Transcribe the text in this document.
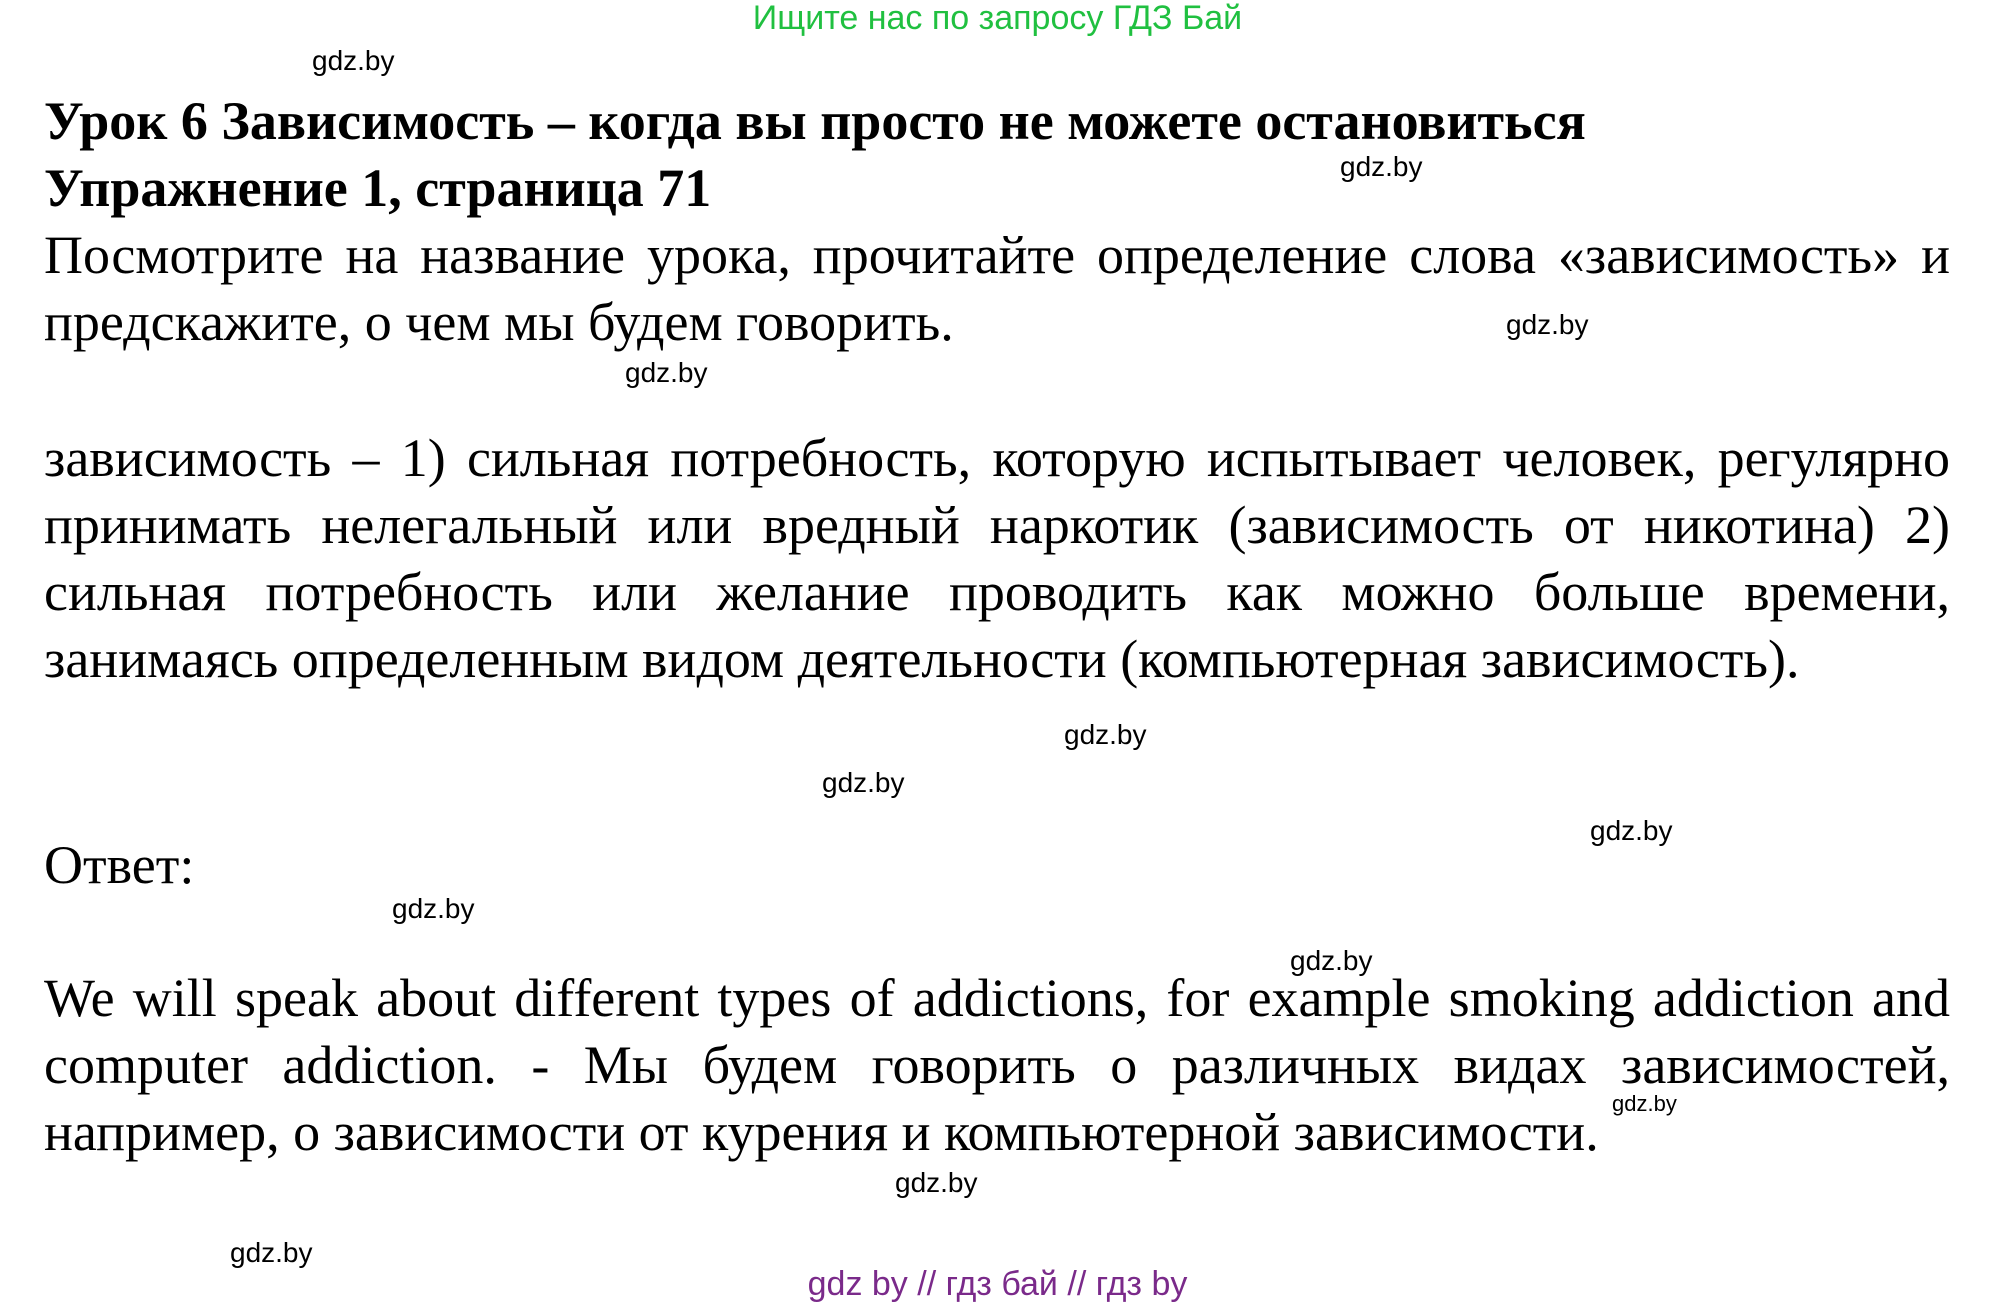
Ищите нас по запросу ГДЗ Бай
gdz.by
Урок 6 Зависимость – когда вы просто не можете остановиться
gdz.by
Упражнение 1, страница 71
Посмотрите на название урока, прочитайте определение слова «зависимость» и предскажите, о чем мы будем говорить.	gdz.by
gdz.by
зависимость – 1) сильная потребность, которую испытывает человек, регулярно принимать нелегальный или вредный наркотик (зависимость от никотина) 2) сильная потребность или желание проводить как можно больше времени, занимаясь определенным видом деятельности (компьютерная зависимость).
gdz.by
gdz.by
gdz.by
Ответ:
gdz.by
gdz.by
We will speak about different types of addictions, for example smoking addiction and computer addiction. - Мы будем говорить о различных видах зависимостей, например, о зависимости от курения и компьютерной зависимости. gdz.by
gdz.by
gdz.by
gdz by // гдз бай // гдз by
